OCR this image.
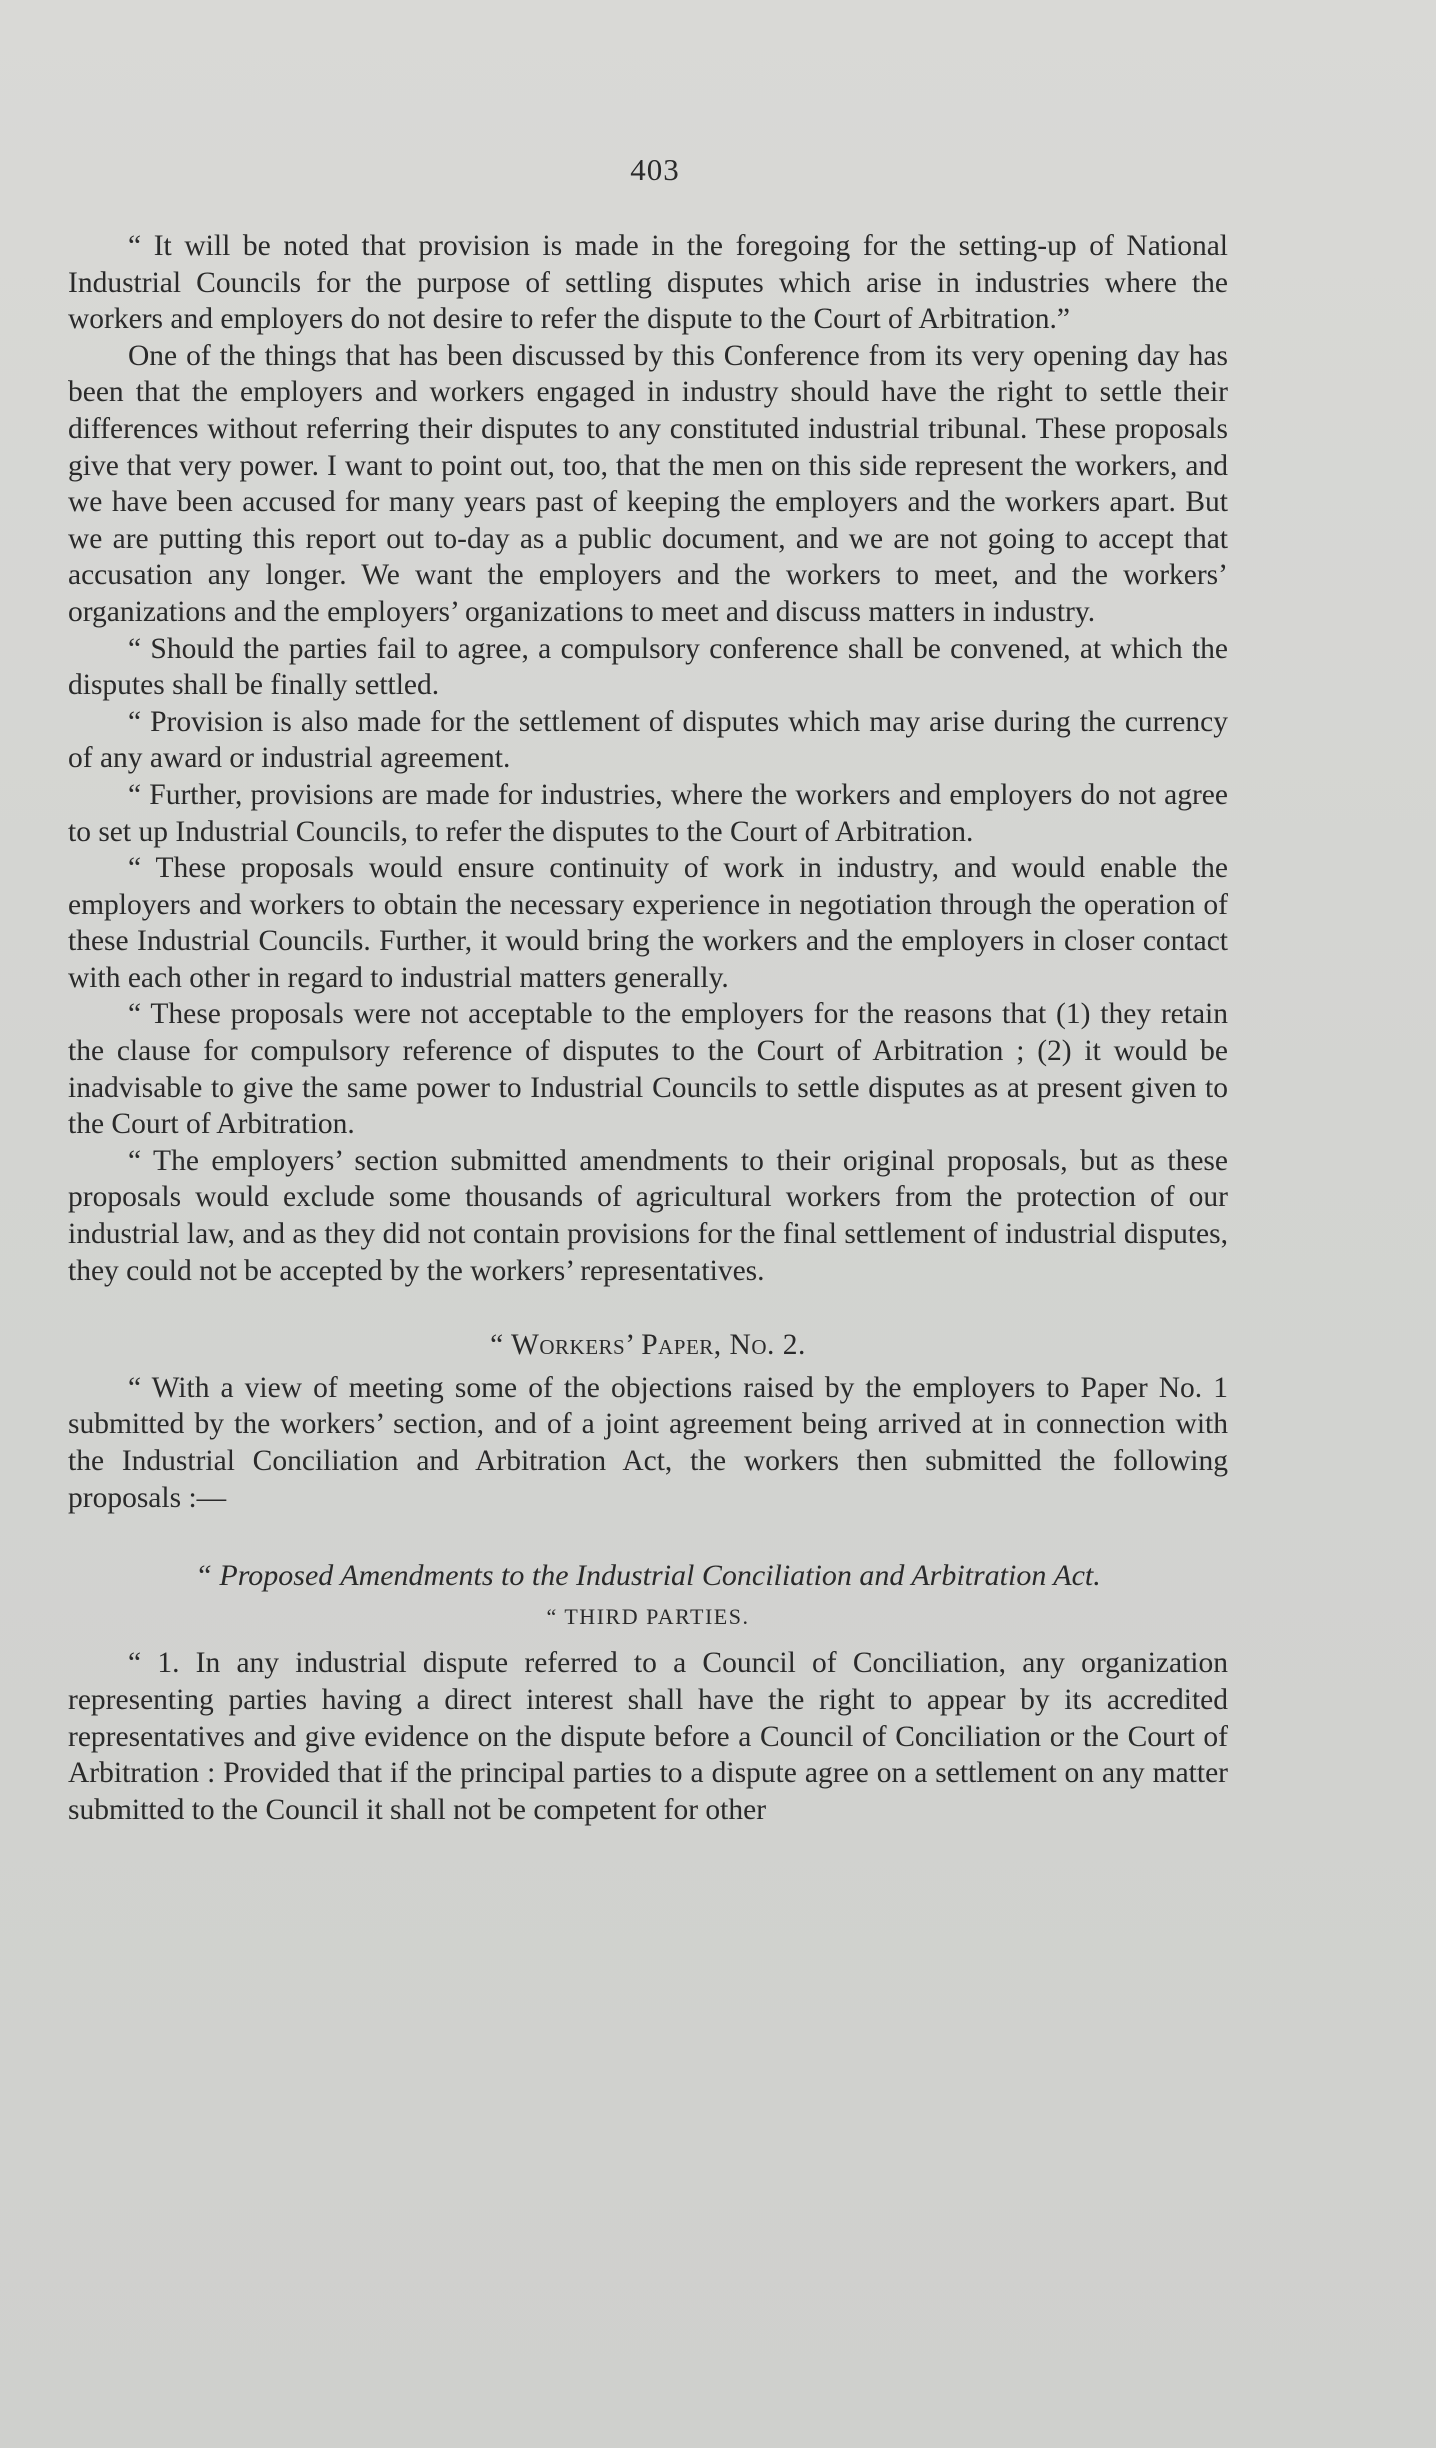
403

“ It will be noted that provision is made in the foregoing for the setting-up of National Industrial Councils for the purpose of settling disputes which arise in industries where the workers and employers do not desire to refer the dispute to the Court of Arbitration.”

One of the things that has been discussed by this Conference from its very opening day has been that the employers and workers engaged in industry should have the right to settle their differences without referring their disputes to any constituted industrial tribunal. These proposals give that very power. I want to point out, too, that the men on this side represent the workers, and we have been accused for many years past of keeping the employers and the workers apart. But we are putting this report out to-day as a public document, and we are not going to accept that accusation any longer. We want the employers and the workers to meet, and the workers’ organizations and the employers’ organizations to meet and discuss matters in industry.

“ Should the parties fail to agree, a compulsory conference shall be convened, at which the disputes shall be finally settled.

“ Provision is also made for the settlement of disputes which may arise during the currency of any award or industrial agreement.

“ Further, provisions are made for industries, where the workers and employers do not agree to set up Industrial Councils, to refer the disputes to the Court of Arbitration.

“ These proposals would ensure continuity of work in industry, and would enable the employers and workers to obtain the necessary experience in negotiation through the operation of these Industrial Councils. Further, it would bring the workers and the employers in closer contact with each other in regard to industrial matters generally.

“ These proposals were not acceptable to the employers for the reasons that (1) they retain the clause for compulsory reference of disputes to the Court of Arbitration ; (2) it would be inadvisable to give the same power to Industrial Councils to settle disputes as at present given to the Court of Arbitration.

“ The employers’ section submitted amendments to their original proposals, but as these proposals would exclude some thousands of agricultural workers from the protection of our industrial law, and as they did not contain provisions for the final settlement of industrial disputes, they could not be accepted by the workers’ representatives.

“ Workers’ Paper, No. 2.

“ With a view of meeting some of the objections raised by the employers to Paper No. 1 submitted by the workers’ section, and of a joint agreement being arrived at in connection with the Industrial Conciliation and Arbitration Act, the workers then submitted the following proposals :—

“ Proposed Amendments to the Industrial Conciliation and Arbitration Act.
“ THIRD PARTIES.

“ 1. In any industrial dispute referred to a Council of Conciliation, any organization representing parties having a direct interest shall have the right to appear by its accredited representatives and give evidence on the dispute before a Council of Conciliation or the Court of Arbitration : Provided that if the principal parties to a dispute agree on a settlement on any matter submitted to the Council it shall not be competent for other
